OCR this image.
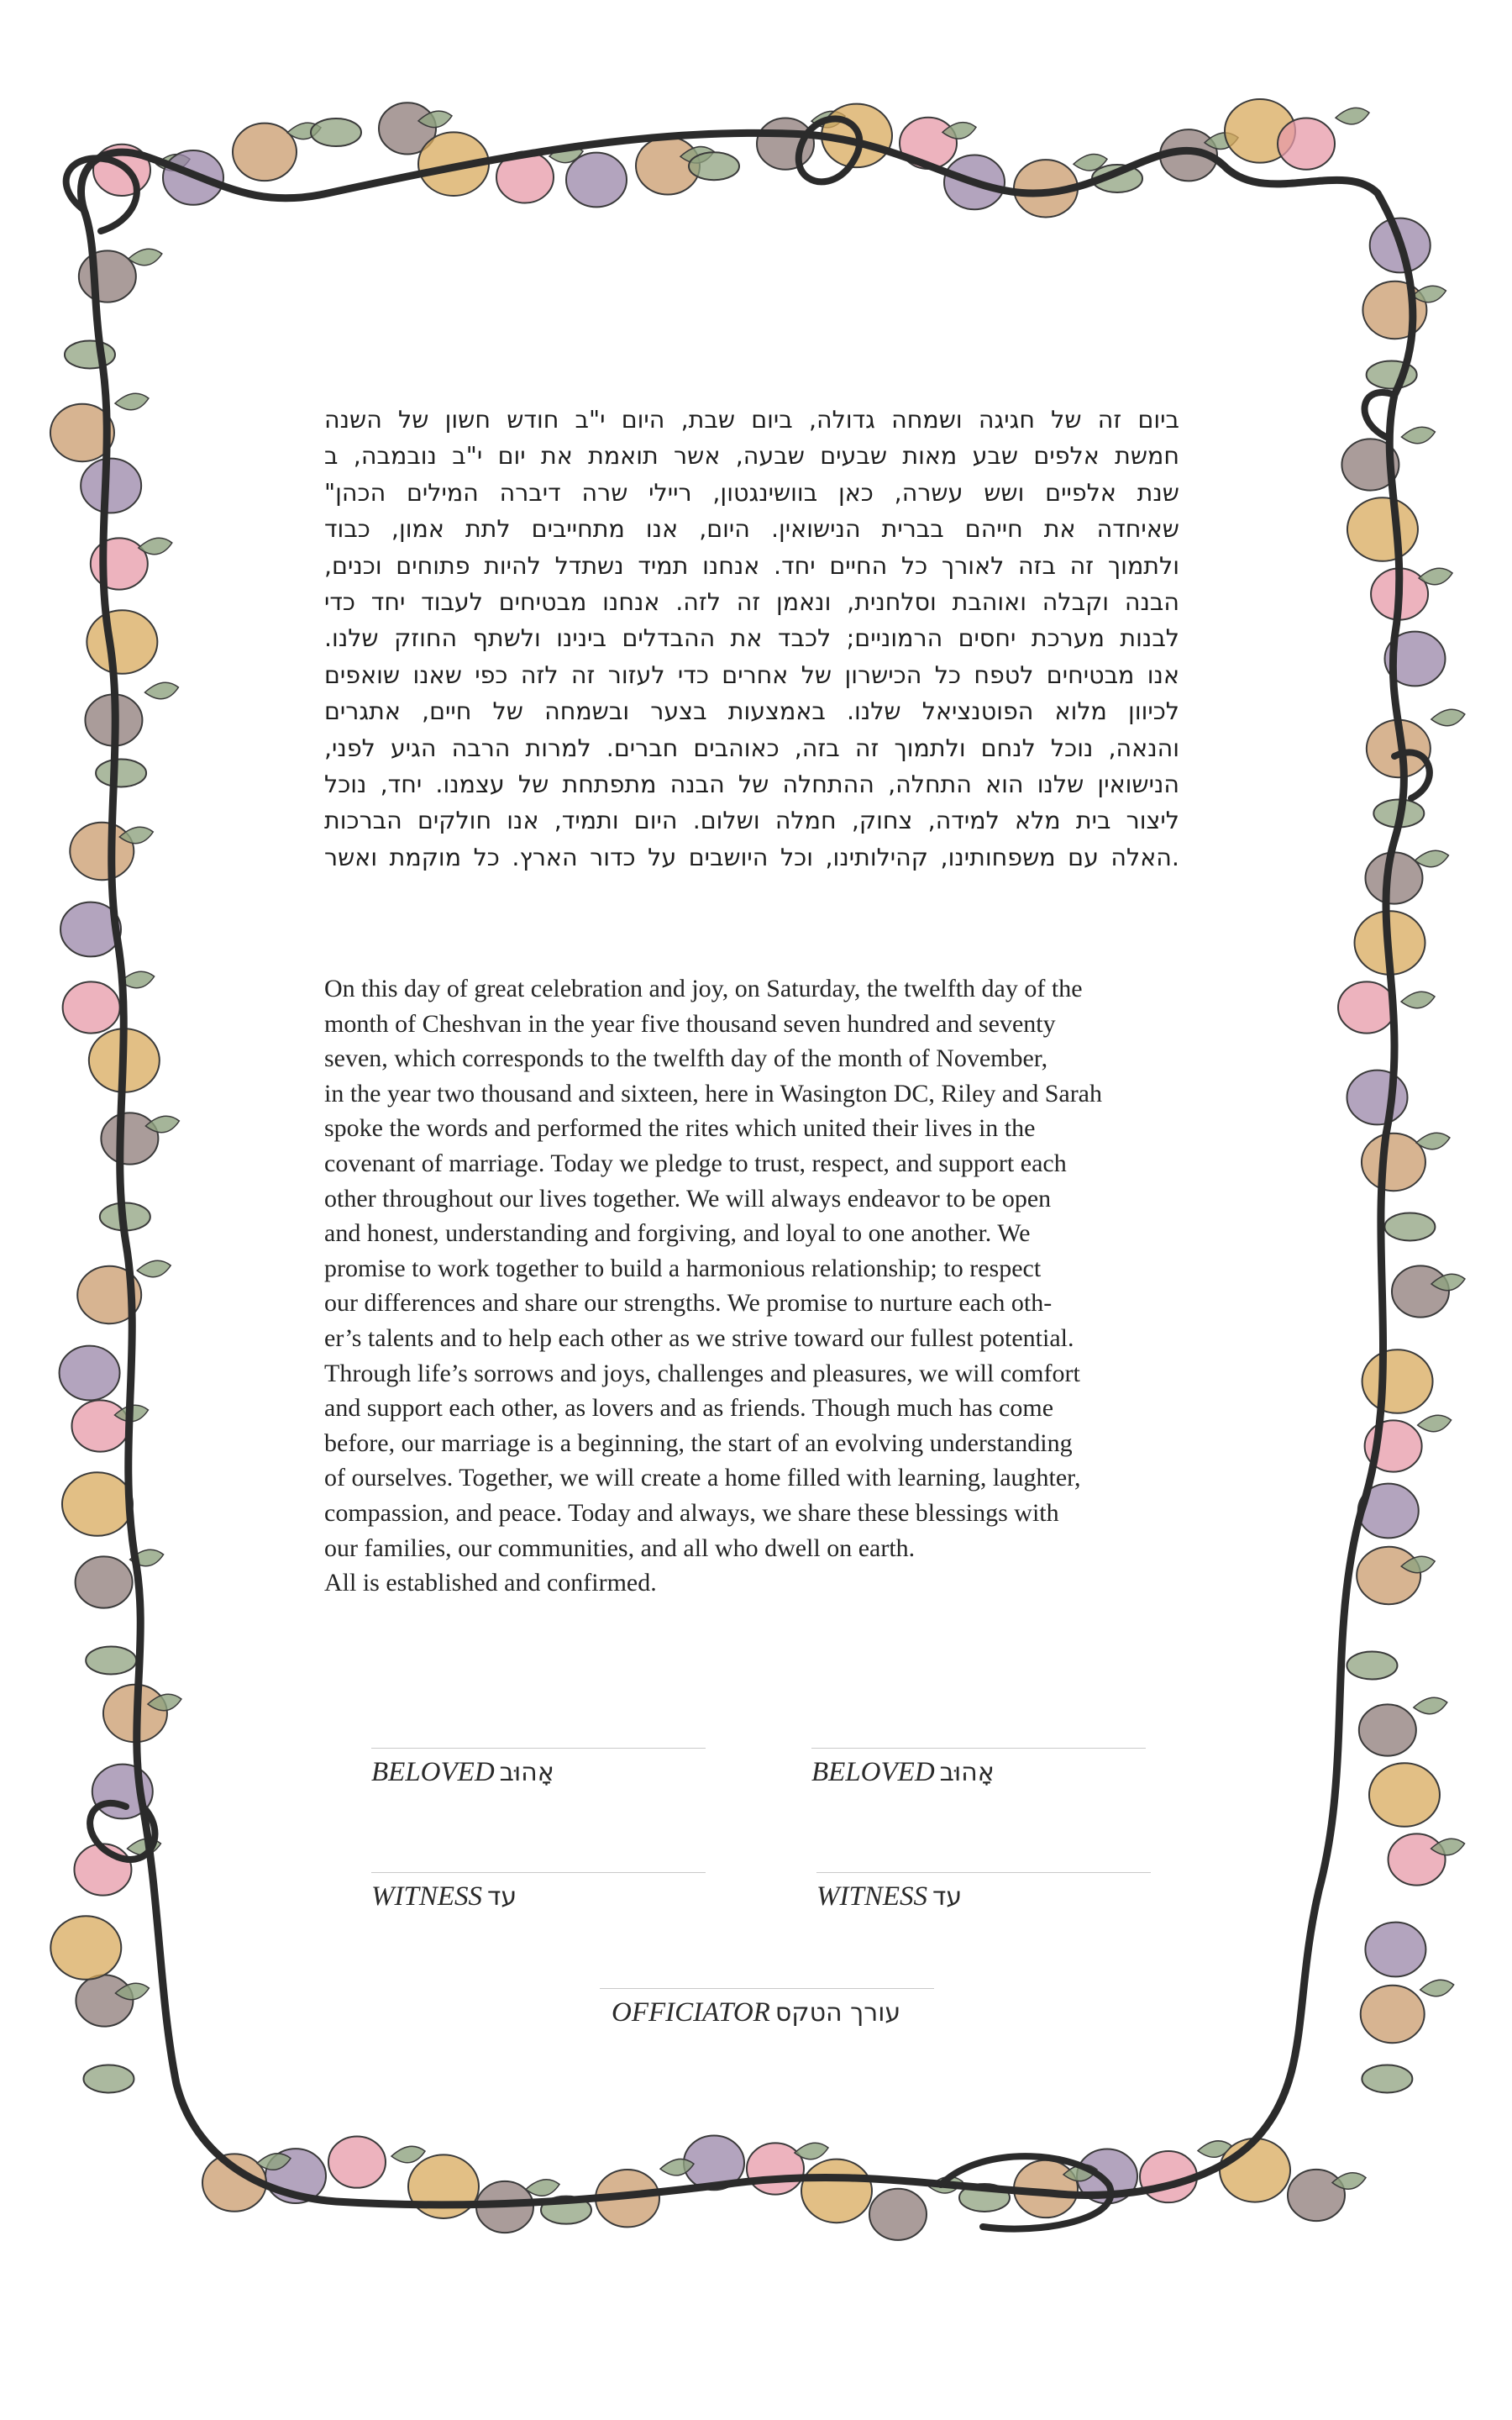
ביום זה של חגיגה ושמחה גדולה, ביום שבת, היום י"ב חודש חשון של השנה
חמשת אלפים שבע מאות שבעים שבעה, אשר תואמת את יום י"ב נובמבה, ב
שנת אלפיים ושש עשרה, כאן בוושינגטון, ריילי שרה דיברה המילים הכהן"
שאיחדה את חייהם בברית הנישואין. היום, אנו מתחייבים לתת אמון, כבוד
ולתמוך זה בזה לאורך כל החיים יחד. אנחנו תמיד נשתדל להיות פתוחים וכנים,
הבנה וקבלה ואוהבת וסלחנית, ונאמן זה לזה. אנחנו מבטיחים לעבוד יחד כדי
לבנות מערכת יחסים הרמוניים; לכבד את ההבדלים בינינו ולשתף החוזק שלנו.
אנו מבטיחים לטפח כל הכישרון של אחרים כדי לעזור זה לזה כפי שאנו שואפים
לכיוון מלוא הפוטנציאל שלנו. באמצעות בצער ובשמחה של חיים, אתגרים
והנאה, נוכל לנחם ולתמוך זה בזה, כאוהבים חברים. למרות הרבה הגיע לפני,
הנישואין שלנו הוא התחלה, ההתחלה של הבנה מתפתחת של עצמנו. יחד, נוכל
ליצור בית מלא למידה, צחוק, חמלה ושלום. היום ותמיד, אנו חולקים הברכות
.האלה עם משפחותינו, קהילותינו, וכל היושבים על כדור הארץ. כל מוקמת ואשר
On this day of great celebration and joy, on Saturday, the twelfth day of the
month of Cheshvan in the year five thousand seven hundred and seventy
seven, which corresponds to the twelfth day of the month of November,
in the year two thousand and sixteen, here in Wasington DC, Riley and Sarah
spoke the words and performed the rites which united their lives in the
covenant of marriage. Today we pledge to trust, respect, and support each
other throughout our lives together. We will always endeavor to be open
and honest, understanding and forgiving, and loyal to one another. We
promise to work together to build a harmonious relationship; to respect
our differences and share our strengths. We promise to nurture each oth-
er’s talents and to help each other as we strive toward our fullest potential.
Through life’s sorrows and joys, challenges and pleasures, we will comfort
and support each other, as lovers and as friends. Though much has come
before, our marriage is a beginning, the start of an evolving understanding
of ourselves. Together, we will create a home filled with learning, laughter,
compassion, and peace. Today and always, we share these blessings with
our families, our communities, and all who dwell on earth.
All is established and confirmed.
BELOVED אָהוּב	BELOVED אָהוּב
WITNESS עד	WITNESS עד
OFFICIATOR עורך הטקס
